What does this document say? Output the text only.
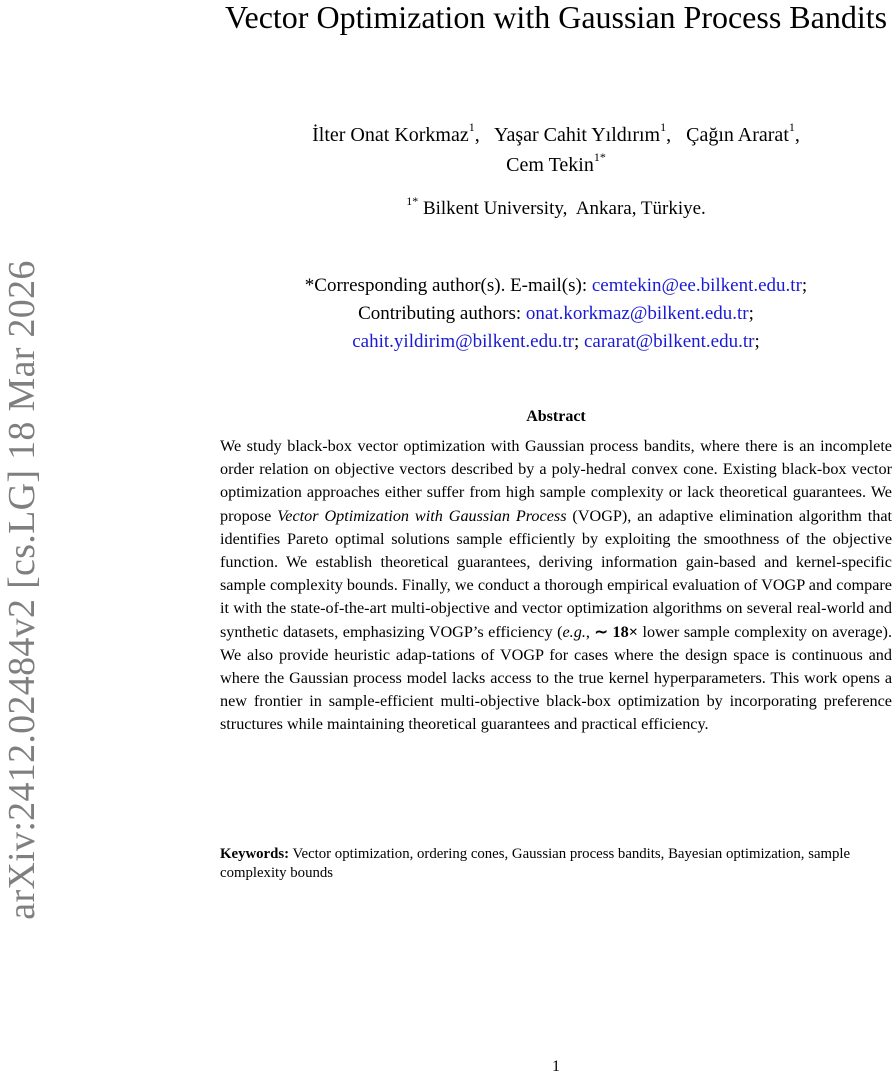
arXiv:2412.02484v2 [cs.LG] 18 Mar 2026
Vector Optimization with Gaussian Process Bandits
İlter Onat Korkmaz$^1$,   Yaşar Cahit Yıldırım$^1$,   Çağın Ararat$^1$,
Cem Tekin$^{1*}$
$^{1*}$ Bilkent University,  Ankara, Türkiye.
*Corresponding author(s). E-mail(s): cemtekin@ee.bilkent.edu.tr;
Contributing authors: onat.korkmaz@bilkent.edu.tr;
cahit.yildirim@bilkent.edu.tr; cararat@bilkent.edu.tr;
Abstract
We study black-box vector optimization with Gaussian process bandits, where there is an incomplete order relation on objective vectors described by a poly-hedral convex cone. Existing black-box vector optimization approaches either suffer from high sample complexity or lack theoretical guarantees. We propose Vector Optimization with Gaussian Process (VOGP), an adaptive elimination algorithm that identifies Pareto optimal solutions sample efficiently by exploiting the smoothness of the objective function. We establish theoretical guarantees, deriving information gain-based and kernel-specific sample complexity bounds. Finally, we conduct a thorough empirical evaluation of VOGP and compare it with the state-of-the-art multi-objective and vector optimization algorithms on several real-world and synthetic datasets, emphasizing VOGP’s efficiency (e.g., ∼ 18× lower sample complexity on average). We also provide heuristic adap-tations of VOGP for cases where the design space is continuous and where the Gaussian process model lacks access to the true kernel hyperparameters. This work opens a new frontier in sample-efficient multi-objective black-box optimization by incorporating preference structures while maintaining theoretical guarantees and practical efficiency.
Keywords: Vector optimization, ordering cones, Gaussian process bandits, Bayesian optimization, sample complexity bounds
1
